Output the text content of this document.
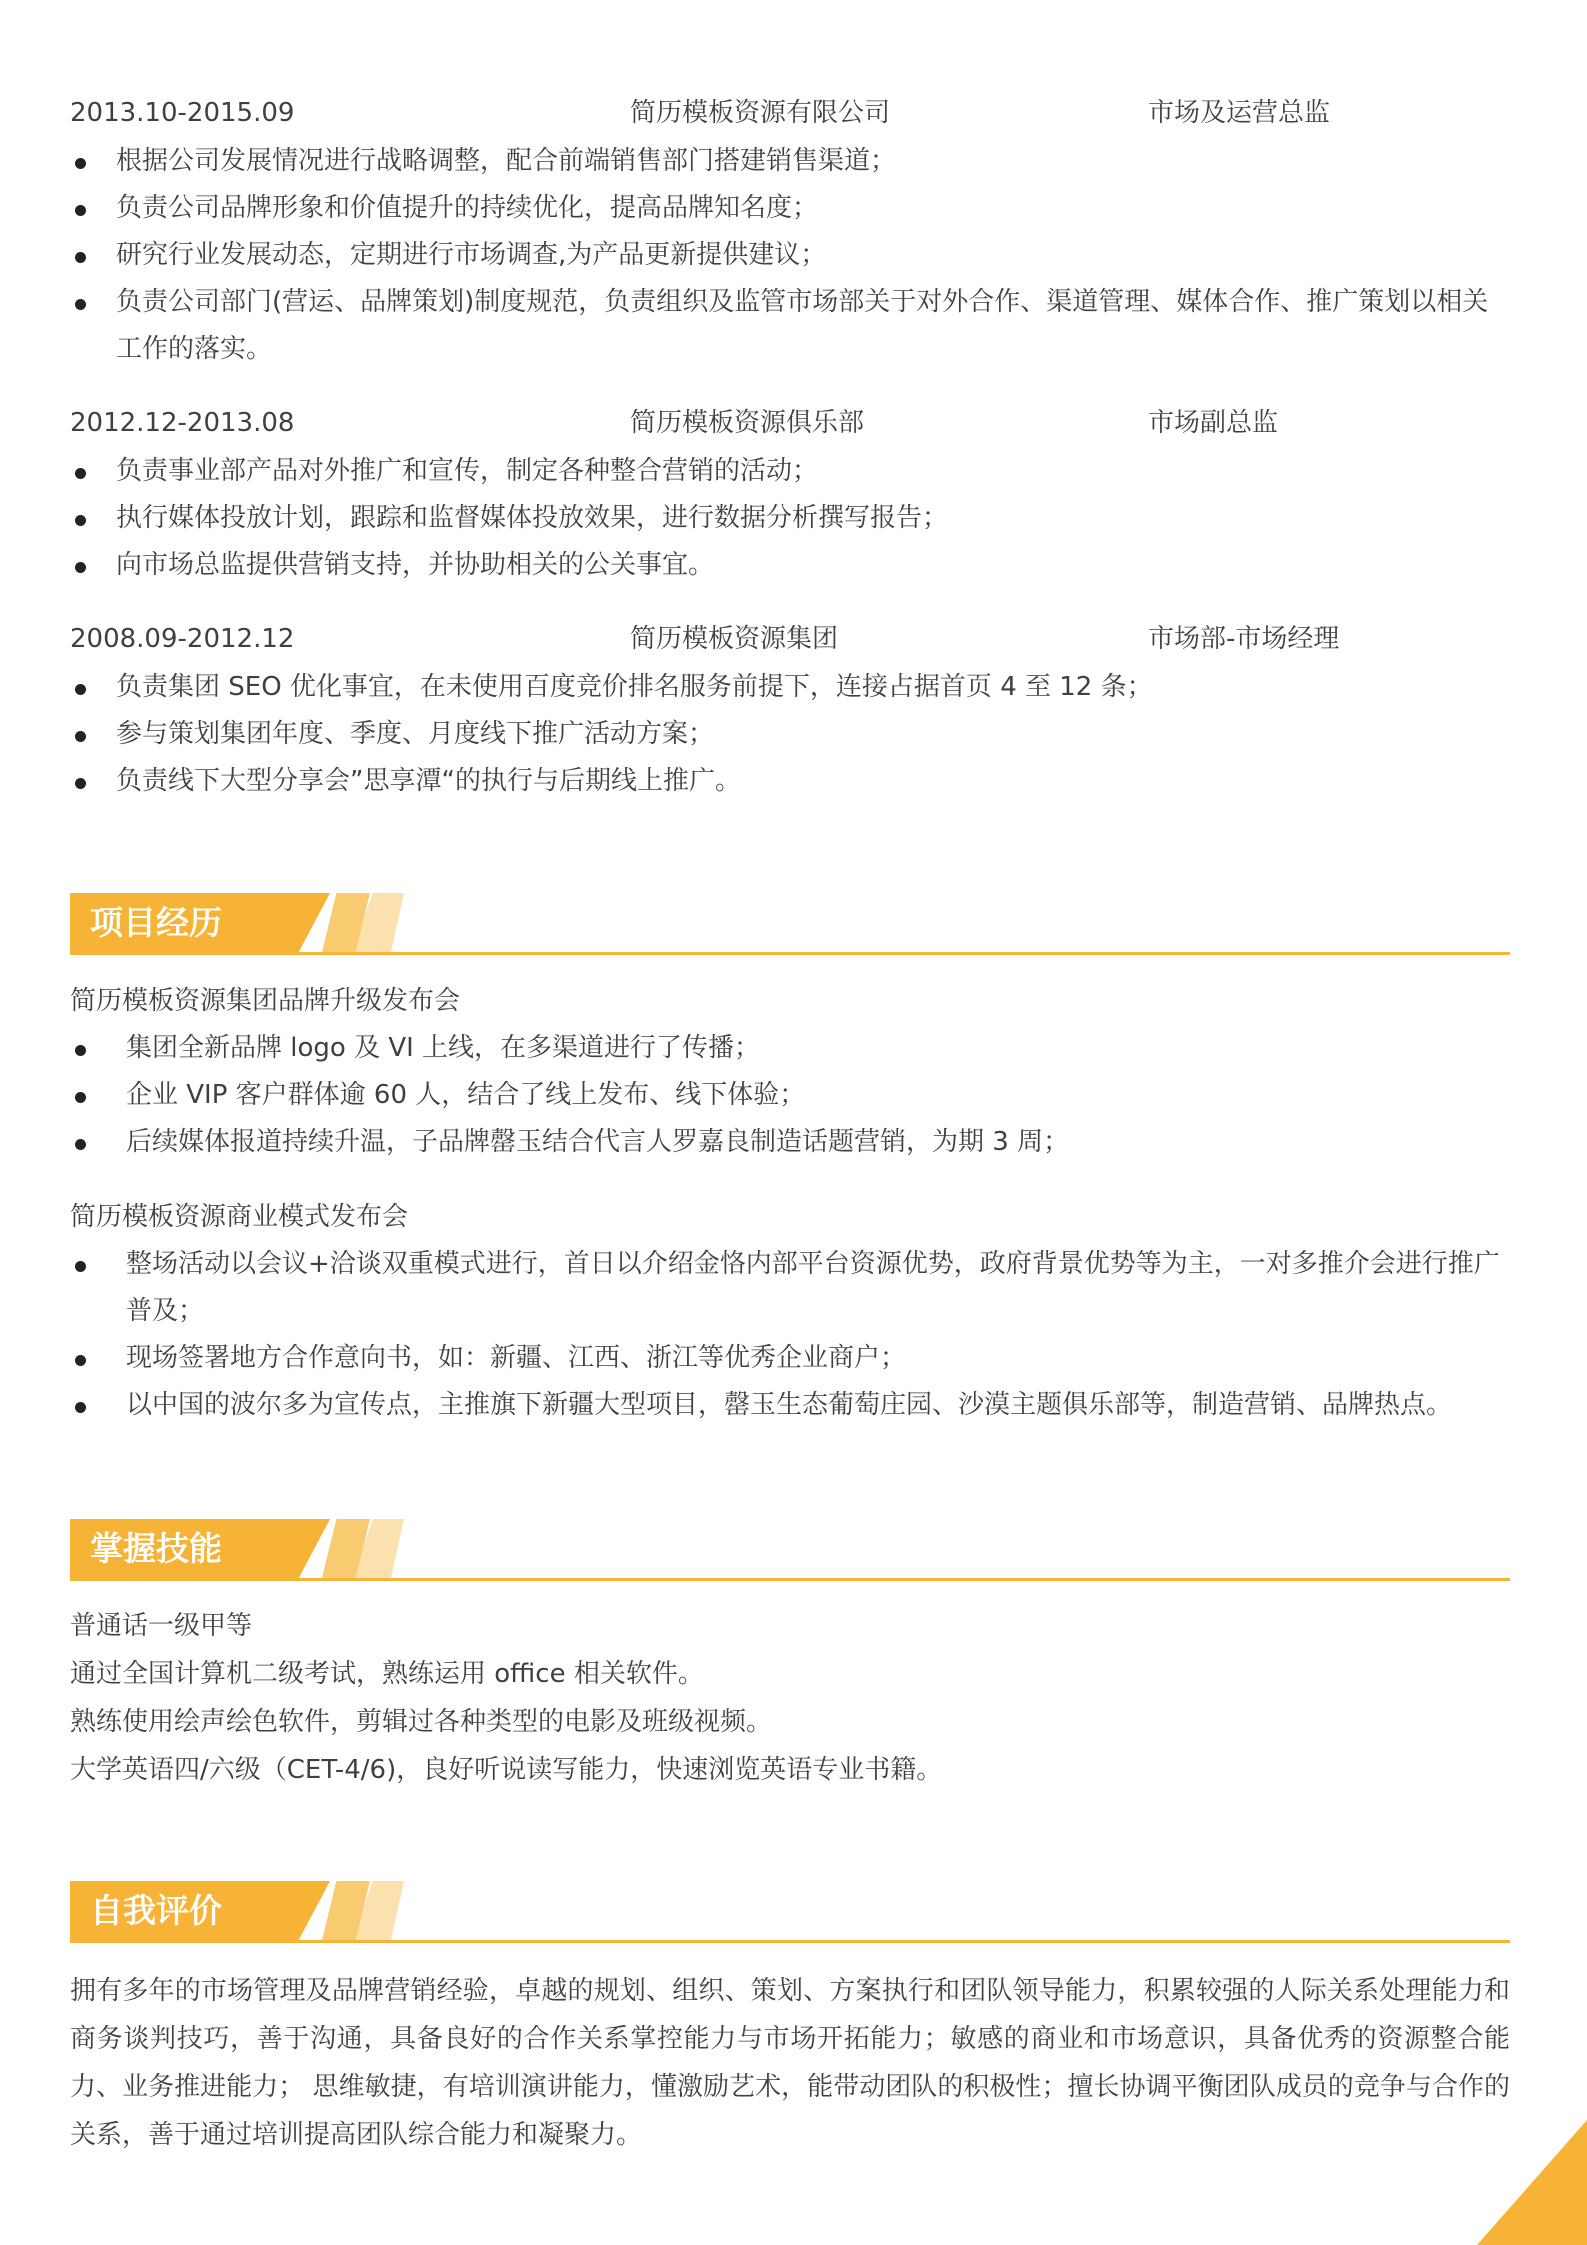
2013.10-2015.09	简历模板资源有限公司	市场及运营总监
根据公司发展情况进行战略调整，配合前端销售部门搭建销售渠道；
负责公司品牌形象和价值提升的持续优化，提高品牌知名度；
研究行业发展动态，定期进行市场调查,为产品更新提供建议；
负责公司部门(营运、品牌策划)制度规范，负责组织及监管市场部关于对外合作、渠道管理、媒体合作、推广策划以相关工作的落实。
2012.12-2013.08	简历模板资源俱乐部	市场副总监
负责事业部产品对外推广和宣传，制定各种整合营销的活动；
执行媒体投放计划，跟踪和监督媒体投放效果，进行数据分析撰写报告；
向市场总监提供营销支持，并协助相关的公关事宜。
2008.09-2012.12	简历模板资源集团	市场部-市场经理
负责集团 SEO 优化事宜，在未使用百度竞价排名服务前提下，连接占据首页 4 至 12 条；
参与策划集团年度、季度、月度线下推广活动方案；
负责线下大型分享会”思享潭“的执行与后期线上推广。
项目经历
简历模板资源集团品牌升级发布会
集团全新品牌 logo 及 VI 上线，在多渠道进行了传播；
企业 VIP 客户群体逾 60 人，结合了线上发布、线下体验；
后续媒体报道持续升温，子品牌罄玉结合代言人罗嘉良制造话题营销，为期 3 周；
简历模板资源商业模式发布会
整场活动以会议+洽谈双重模式进行，首日以介绍金恪内部平台资源优势，政府背景优势等为主，一对多推介会进行推广普及；
现场签署地方合作意向书，如：新疆、江西、浙江等优秀企业商户；
以中国的波尔多为宣传点，主推旗下新疆大型项目，罄玉生态葡萄庄园、沙漠主题俱乐部等，制造营销、品牌热点。
掌握技能
普通话一级甲等
通过全国计算机二级考试，熟练运用 office 相关软件。
熟练使用绘声绘色软件，剪辑过各种类型的电影及班级视频。
大学英语四/六级（CET-4/6)，良好听说读写能力，快速浏览英语专业书籍。
自我评价
拥有多年的市场管理及品牌营销经验，卓越的规划、组织、策划、方案执行和团队领导能力，积累较强的人际关系处理能力和商务谈判技巧，善于沟通，具备良好的合作关系掌控能力与市场开拓能力；敏感的商业和市场意识，具备优秀的资源整合能力、业务推进能力； 思维敏捷，有培训演讲能力，懂激励艺术，能带动团队的积极性；擅长协调平衡团队成员的竞争与合作的关系，善于通过培训提高团队综合能力和凝聚力。
